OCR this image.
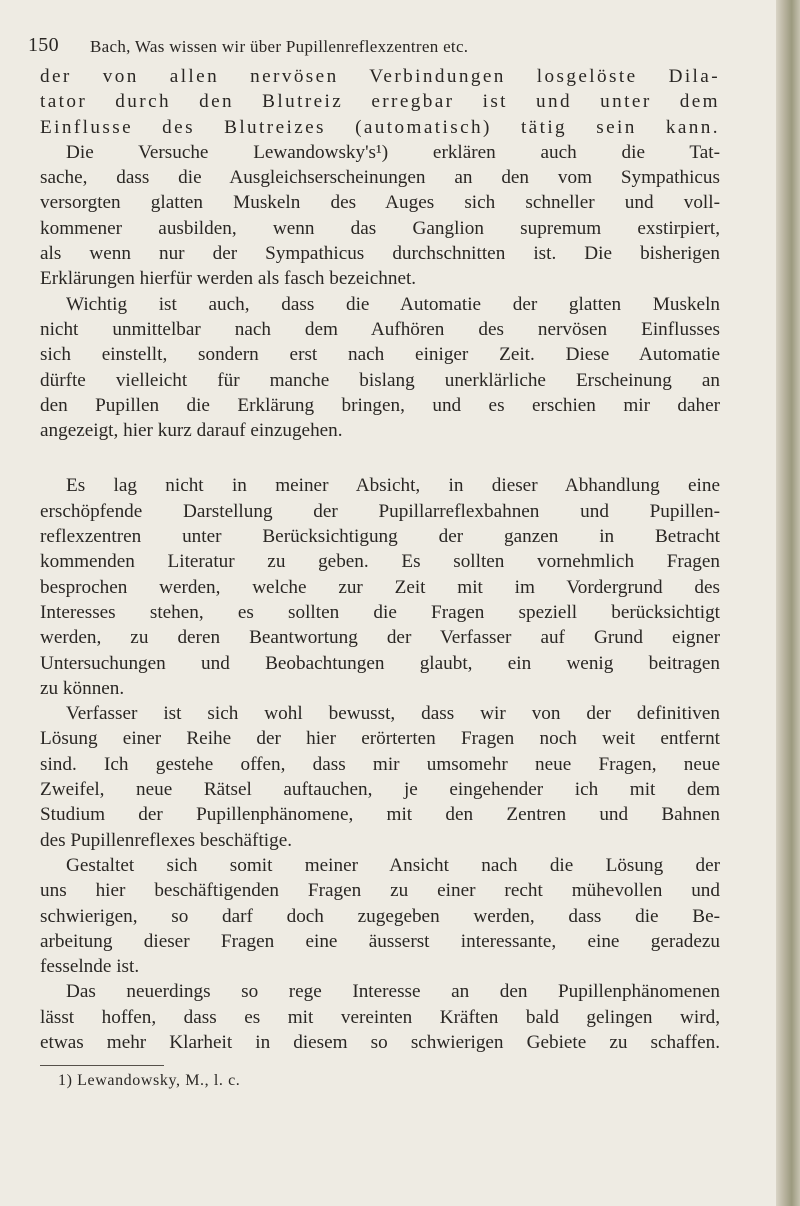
150 Bach, Was wissen wir über Pupillenreflexzentren etc.
der von allen nervösen Verbindungen losgelöste Dila-
tator durch den Blutreiz erregbar ist und unter dem
Einflusse des Blutreizes (automatisch) tätig sein kann.
Die Versuche Lewandowsky's¹) erklären auch die Tat-
sache, dass die Ausgleichserscheinungen an den vom Sympathicus
versorgten glatten Muskeln des Auges sich schneller und voll-
kommener ausbilden, wenn das Ganglion supremum exstirpiert,
als wenn nur der Sympathicus durchschnitten ist. Die bisherigen
Erklärungen hierfür werden als fasch bezeichnet.
Wichtig ist auch, dass die Automatie der glatten Muskeln
nicht unmittelbar nach dem Aufhören des nervösen Einflusses
sich einstellt, sondern erst nach einiger Zeit. Diese Automatie
dürfte vielleicht für manche bislang unerklärliche Erscheinung an
den Pupillen die Erklärung bringen, und es erschien mir daher
angezeigt, hier kurz darauf einzugehen.
Es lag nicht in meiner Absicht, in dieser Abhandlung eine
erschöpfende Darstellung der Pupillarreflexbahnen und Pupillen-
reflexzentren unter Berücksichtigung der ganzen in Betracht
kommenden Literatur zu geben. Es sollten vornehmlich Fragen
besprochen werden, welche zur Zeit mit im Vordergrund des
Interesses stehen, es sollten die Fragen speziell berücksichtigt
werden, zu deren Beantwortung der Verfasser auf Grund eigner
Untersuchungen und Beobachtungen glaubt, ein wenig beitragen
zu können.
Verfasser ist sich wohl bewusst, dass wir von der definitiven
Lösung einer Reihe der hier erörterten Fragen noch weit entfernt
sind. Ich gestehe offen, dass mir umsomehr neue Fragen, neue
Zweifel, neue Rätsel auftauchen, je eingehender ich mit dem
Studium der Pupillenphänomene, mit den Zentren und Bahnen
des Pupillenreflexes beschäftige.
Gestaltet sich somit meiner Ansicht nach die Lösung der
uns hier beschäftigenden Fragen zu einer recht mühevollen und
schwierigen, so darf doch zugegeben werden, dass die Be-
arbeitung dieser Fragen eine äusserst interessante, eine geradezu
fesselnde ist.
Das neuerdings so rege Interesse an den Pupillenphänomenen
lässt hoffen, dass es mit vereinten Kräften bald gelingen wird,
etwas mehr Klarheit in diesem so schwierigen Gebiete zu schaffen.
1) Lewandowsky, M., l. c.
